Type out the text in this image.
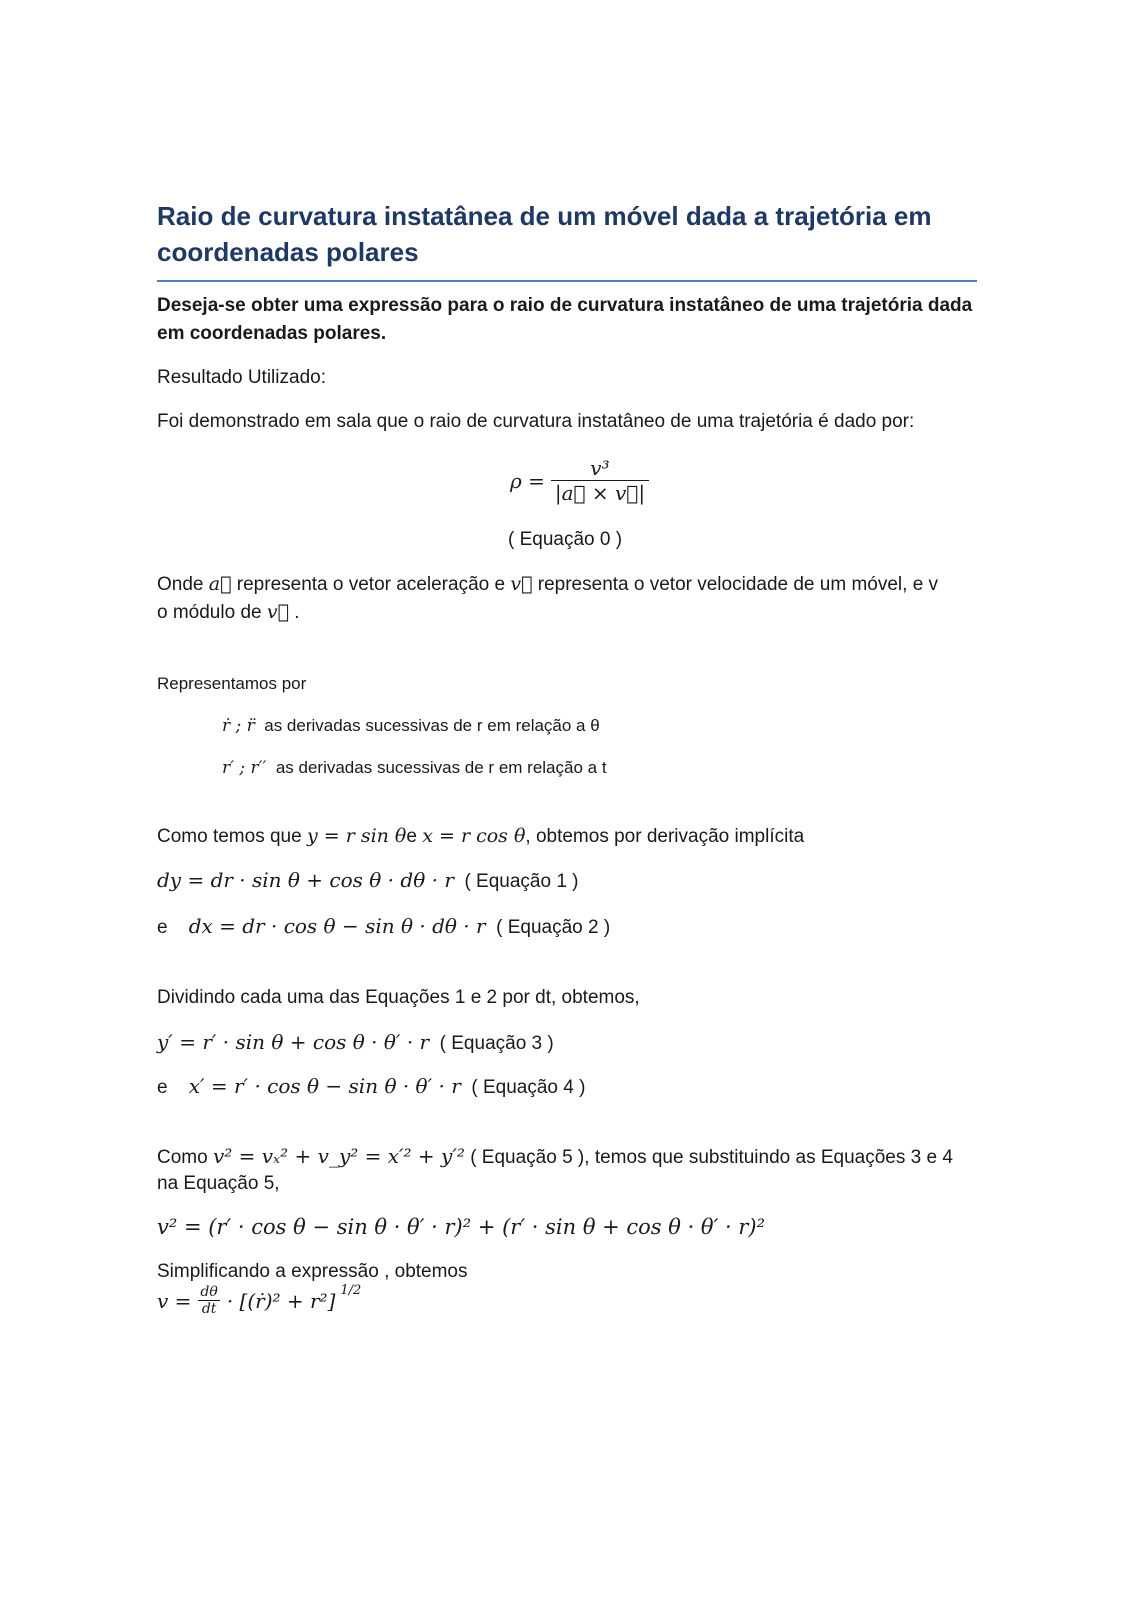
Raio de curvatura instatânea de um móvel dada a trajetória em coordenadas polares
Deseja-se obter uma expressão para o raio de curvatura instatâneo de uma trajetória dada em coordenadas polares.
Resultado Utilizado:
Foi demonstrado em sala que o raio de curvatura instatâneo de uma trajetória é dado por:
$\rho = \frac{\text{v³}}{|a⃗ \times v⃗|}$
( Equação 0 )
Onde a⃗ representa o vetor aceleração e v⃗ representa o vetor velocidade de um móvel, e v
o módulo de v⃗ .
Representamos por
ṙ ; r̈ as derivadas sucessivas de r em relação a θ
r′ ; r′′ as derivadas sucessivas de r em relação a t
Como temos que y = r sin θe x = r cos θ, obtemos por derivação implícita
dy = dr · sin θ + cos θ · dθ · r ( Equação 1 )
e dx = dr · cos θ − sin θ · dθ · r ( Equação 2 )
Dividindo cada uma das Equações 1 e 2 por dt, obtemos,
y′ = r′ · sin θ + cos θ · θ′ · r ( Equação 3 )
e x′ = r′ · cos θ − sin θ · θ′ · r ( Equação 4 )
Como v² = vₓ² + v_y² = x′² + y′² ( Equação 5 ), temos que substituindo as Equações 3 e 4
na Equação 5,
v² = (r′ · cos θ − sin θ · θ′ · r)² + (r′ · sin θ + cos θ · θ′ · r)²
Simplificando a expressão , obtemos
$v = \frac{d\theta}{dt}$ · [(ṙ)² + r²] $^{1/2}$
